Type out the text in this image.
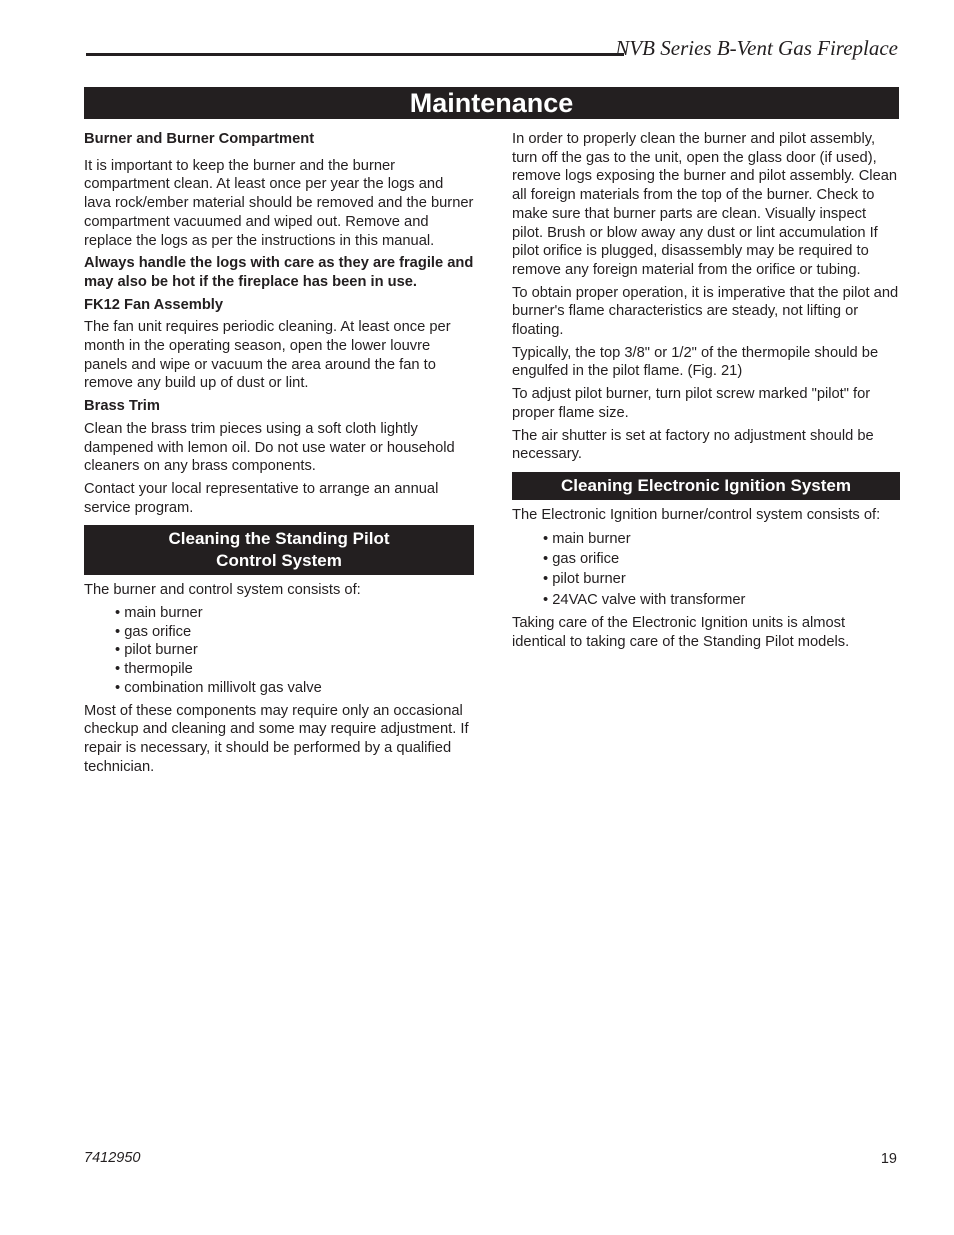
NVB Series B-Vent Gas Fireplace
Maintenance

Burner and Burner Compartment

It is important to keep the burner and the burner compartment clean. At least once per year the logs and lava rock/ember material should be removed and the burner compartment vacuumed and wiped out. Remove and replace the logs as per the instructions in this manual.

Always handle the logs with care as they are fragile and may also be hot if the fireplace has been in use.

FK12 Fan Assembly

The fan unit requires periodic cleaning. At least once per month in the operating season, open the lower louvre panels and wipe or vacuum the area around the fan to remove any build up of dust or lint.

Brass Trim

Clean the brass trim pieces using a soft cloth lightly dampened with lemon oil. Do not use water or household cleaners on any brass components.

Contact your local representative to arrange an annual service program.

Cleaning the Standing Pilot
Control System

The burner and control system consists of:

• main burner
• gas orifice
• pilot burner
• thermopile
• combination millivolt gas valve

Most of these components may require only an occasional checkup and cleaning and some may require adjustment. If repair is necessary, it should be performed by a qualified technician.

In order to properly clean the burner and pilot assembly, turn off the gas to the unit, open the glass door (if used), remove logs exposing the burner and pilot assembly. Clean all foreign materials from the top of the burner. Check to make sure that burner parts are clean. Visually inspect pilot. Brush or blow away any dust or lint accumulation If pilot orifice is plugged, disassembly may be required to remove any foreign material from the orifice or tubing.

To obtain proper operation, it is imperative that the pilot and burner's flame characteristics are steady, not lifting or floating.

Typically, the top 3/8" or 1/2" of the thermopile should be engulfed in the pilot flame. (Fig. 21)

To adjust pilot burner, turn pilot screw marked "pilot" for proper flame size.

The air shutter is set at factory no adjustment should be necessary.

Cleaning Electronic Ignition System

The Electronic Ignition burner/control system consists of:

• main burner
• gas orifice
• pilot burner
• 24VAC valve with transformer

Taking care of the Electronic Ignition units is almost identical to taking care of the Standing Pilot models.

7412950	19
